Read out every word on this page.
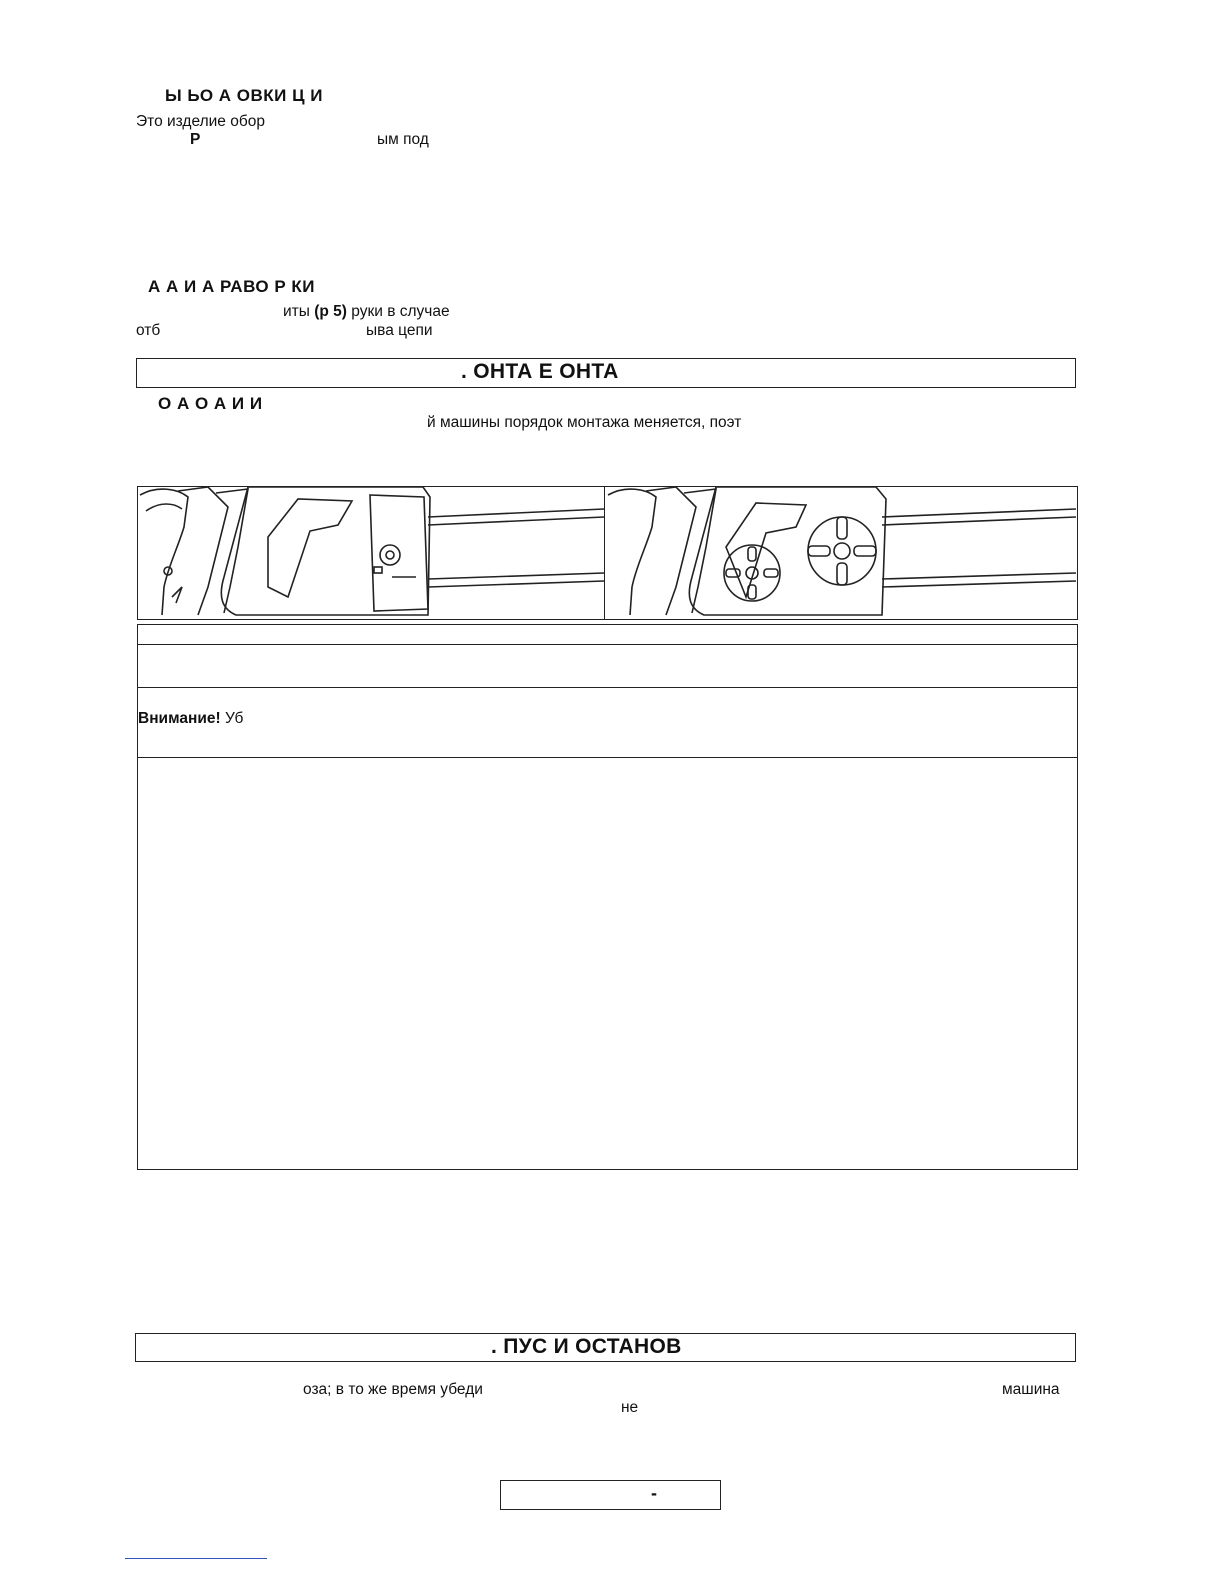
Ы ЬО А ОВКИ Ц И
Это изделие обор
Р	ым под
А А И А РАВО Р КИ
иты (р 5) руки в случае
отб	ыва цепи
. ОНТА Е ОНТА
О А О А И И
й машины порядок монтажа меняется, поэт
Внимание! Уб
. ПУС И ОСТАНОВ
оза; в то же время убеди	машина
не
-
